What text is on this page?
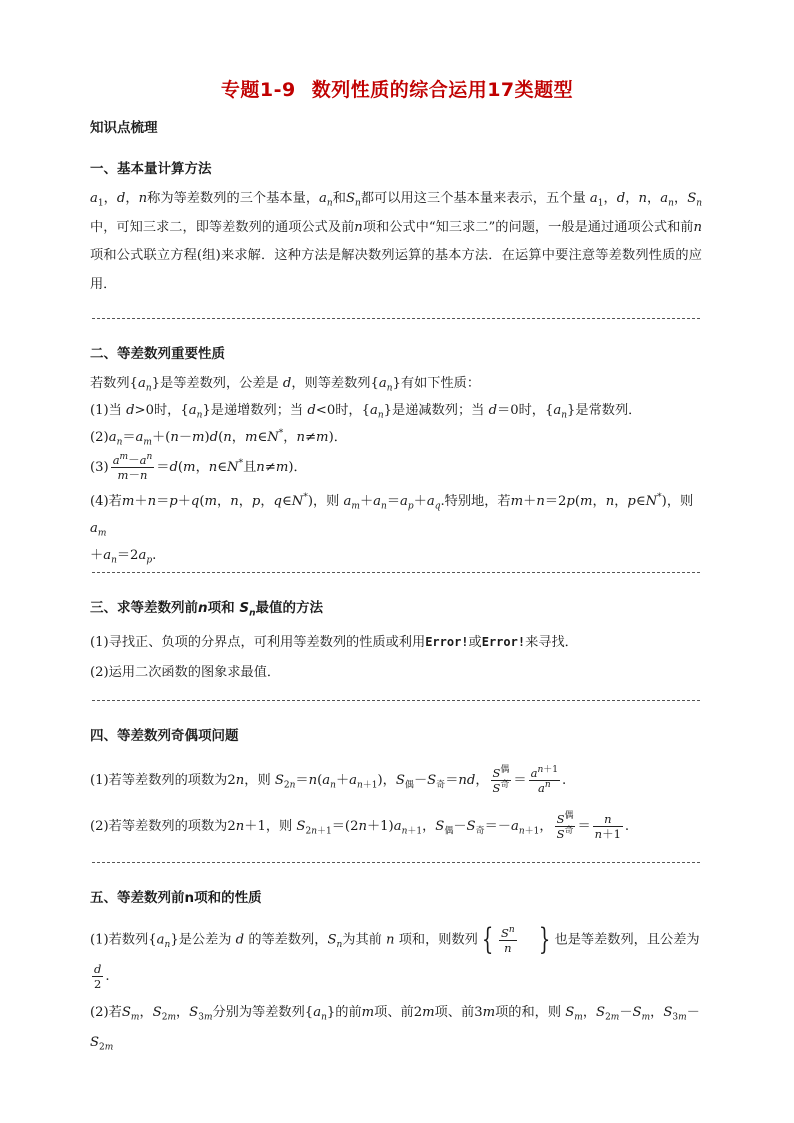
专题1-9 数列性质的综合运用17类题型
知识点梳理
一、基本量计算方法
$a_1$，d，n称为等差数列的三个基本量，$a_n$和$S_n$都可以用这三个基本量来表示，五个量 $a_1$，d，n，$a_n$，$S_n$中，可知三求二，即等差数列的通项公式及前n项和公式中“知三求二”的问题，一般是通过通项公式和前n项和公式联立方程(组)来求解．这种方法是解决数列运算的基本方法．在运算中要注意等差数列性质的应用．
二、等差数列重要性质
若数列$\{a_n\}$是等差数列，公差是 d，则等差数列$\{a_n\}$有如下性质：
(1)当 d>0时，$\{a_n\}$是递增数列；当 d<0时，$\{a_n\}$是递减数列；当 d＝0时，$\{a_n\}$是常数列．
$(2)a_n=a_m+(n-m)d(n$，m∈N*，n≠m)．
$(3) \frac{a^m-a^n}{m-n} =d(m$，n∈N*且n≠m)．
(4)若m＋n＝p＋q(m，n，p，q∈N*)，则 $a_m+a_n=a_p+a_q$.特别地，若m＋n＝2p(m，n，p∈N*)，则 $a_m$
$+a_n=2a_p$.
三、求等差数列前n项和 $S_n$最值的方法
(1)寻找正、负项的分界点，可利用等差数列的性质或利用Error!或Error!来寻找．
(2)运用二次函数的图象求最值．
四、等差数列奇偶项问题
(1)若等差数列的项数为2n，则 $S_{2n}=n(a_n+a_{n+1})$，$S_偶-S_奇=nd$， $\frac{S^偶}{S^奇} = \frac{a^{n+1}}{a^n}$ .
(2)若等差数列的项数为2n＋1，则 $S_{2n+1}=(2n+1)a_{n+1}$，$S_偶-S_奇=-a_{n+1}$， $\frac{S^偶}{S^奇} = \frac{n}{n+1}$ .
五、等差数列前n项和的性质
(1)若数列$\{a_n\}$是公差为 d 的等差数列，$S_n$为其前 n 项和，则数列 { $\frac{S^n}{n}$ } 也是等差数列，且公差为
$\frac{d}{2}$ .
(2)若$S_m$，$S_{2m}$，$S_{3m}$分别为等差数列$\{a_n\}$的前m项、前2m项、前3m项的和，则 $S_m$，$S_{2m}-S_m$，$S_{3m}-S_{2m}$
